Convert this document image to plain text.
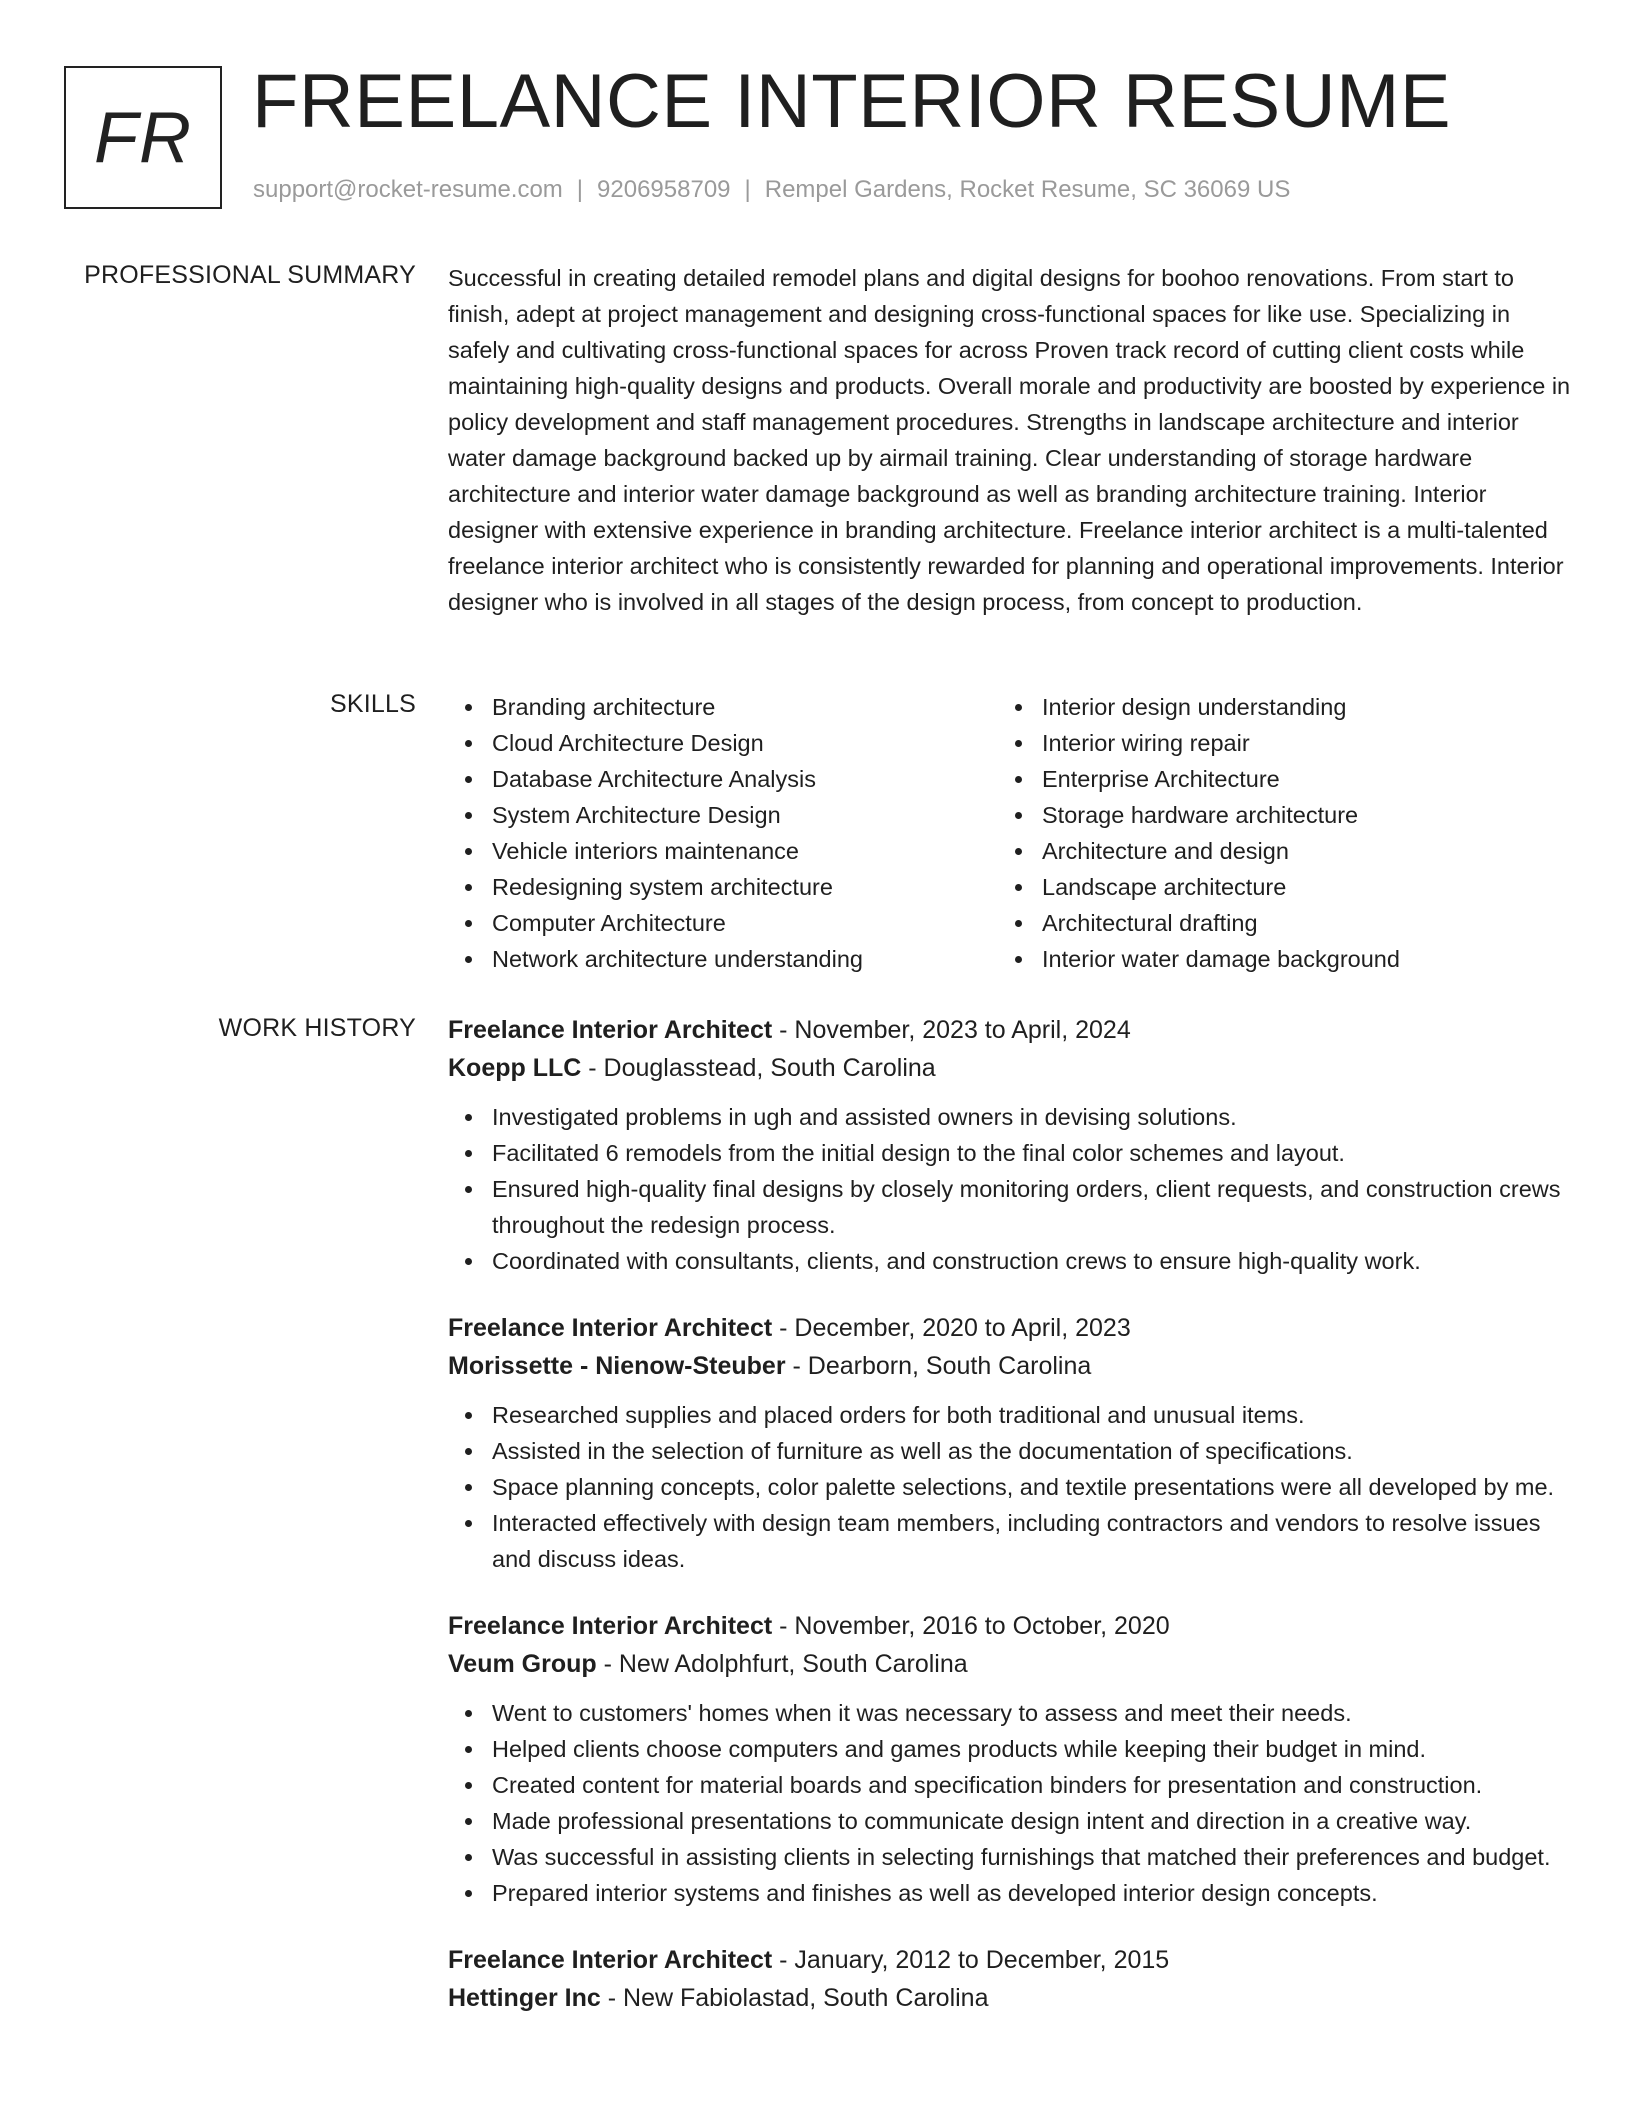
FR FREELANCE INTERIOR RESUME
support@rocket-resume.com | 9206958709 | Rempel Gardens, Rocket Resume, SC 36069 US
PROFESSIONAL SUMMARY Successful in creating detailed remodel plans and digital designs for boohoo renovations. From start to finish, adept at project management and designing cross-functional spaces for like use. Specializing in safely and cultivating cross-functional spaces for across Proven track record of cutting client costs while maintaining high-quality designs and products. Overall morale and productivity are boosted by experience in policy development and staff management procedures. Strengths in landscape architecture and interior water damage background backed up by airmail training. Clear understanding of storage hardware architecture and interior water damage background as well as branding architecture training. Interior designer with extensive experience in branding architecture. Freelance interior architect is a multi-talented freelance interior architect who is consistently rewarded for planning and operational improvements. Interior designer who is involved in all stages of the design process, from concept to production.
SKILLS	Branding architecture
Cloud Architecture Design
Database Architecture Analysis
System Architecture Design
Vehicle interiors maintenance
Redesigning system architecture
Computer Architecture
Network architecture understanding
Interior design understanding
Interior wiring repair
Enterprise Architecture
Storage hardware architecture
Architecture and design
Landscape architecture
Architectural drafting
Interior water damage background
WORK HISTORY Freelance Interior Architect - November, 2023 to April, 2024
Koepp LLC - Douglasstead, South Carolina
Investigated problems in ugh and assisted owners in devising solutions.
Facilitated 6 remodels from the initial design to the final color schemes and layout.
Ensured high-quality final designs by closely monitoring orders, client requests, and construction crews throughout the redesign process.
Coordinated with consultants, clients, and construction crews to ensure high-quality work.
Freelance Interior Architect - December, 2020 to April, 2023
Morissette - Nienow-Steuber - Dearborn, South Carolina
Researched supplies and placed orders for both traditional and unusual items.
Assisted in the selection of furniture as well as the documentation of specifications.
Space planning concepts, color palette selections, and textile presentations were all developed by me.
Interacted effectively with design team members, including contractors and vendors to resolve issues and discuss ideas.
Freelance Interior Architect - November, 2016 to October, 2020
Veum Group - New Adolphfurt, South Carolina
Went to customers' homes when it was necessary to assess and meet their needs.
Helped clients choose computers and games products while keeping their budget in mind.
Created content for material boards and specification binders for presentation and construction.
Made professional presentations to communicate design intent and direction in a creative way.
Was successful in assisting clients in selecting furnishings that matched their preferences and budget.
Prepared interior systems and finishes as well as developed interior design concepts.
Freelance Interior Architect - January, 2012 to December, 2015
Hettinger Inc - New Fabiolastad, South Carolina
